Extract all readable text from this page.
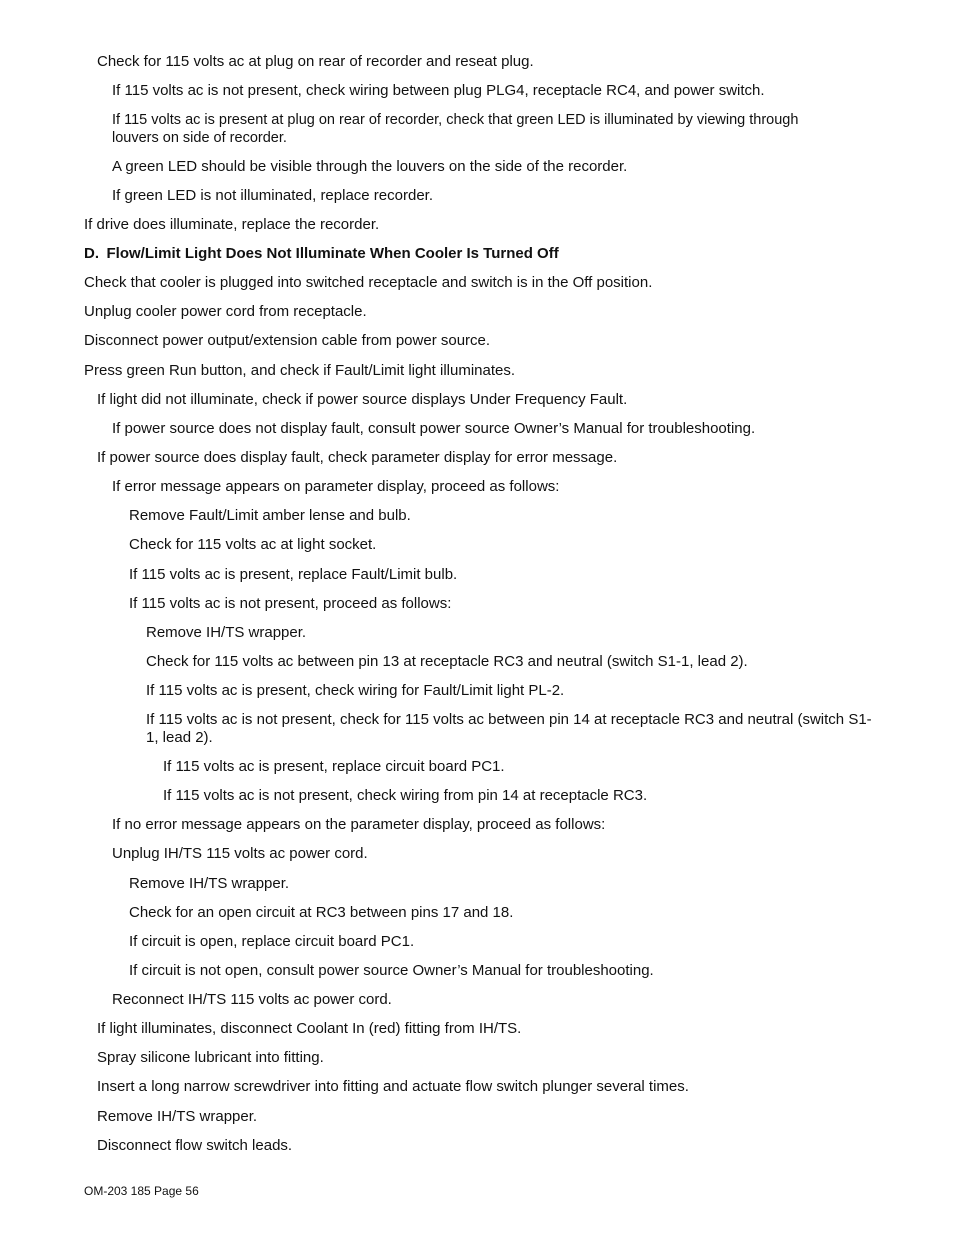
Check for 115 volts ac at plug on rear of recorder and reseat plug.
If 115 volts ac is not present, check wiring between plug PLG4, receptacle RC4, and power switch.
If 115 volts ac is present at plug on rear of recorder, check that green LED is illuminated by viewing through louvers on side of recorder.
A green LED should be visible through the louvers on the side of the recorder.
If green LED is not illuminated, replace recorder.
If drive does illuminate, replace the recorder.
D. Flow/Limit Light Does Not Illuminate When Cooler Is Turned Off
Check that cooler is plugged into switched receptacle and switch is in the Off position.
Unplug cooler power cord from receptacle.
Disconnect power output/extension cable from power source.
Press green Run button, and check if Fault/Limit light illuminates.
If light did not illuminate, check if power source displays Under Frequency Fault.
If power source does not display fault, consult power source Owner’s Manual for troubleshooting.
If power source does display fault, check parameter display for error message.
If error message appears on parameter display, proceed as follows:
Remove Fault/Limit amber lense and bulb.
Check for 115 volts ac at light socket.
If 115 volts ac is present, replace Fault/Limit bulb.
If 115 volts ac is not present, proceed as follows:
Remove IH/TS wrapper.
Check for 115 volts ac between pin 13 at receptacle RC3 and neutral (switch S1-1, lead 2).
If 115 volts ac is present, check wiring for Fault/Limit light PL-2.
If 115 volts ac is not present, check for 115 volts ac between pin 14 at receptacle RC3 and neutral (switch S1-1, lead 2).
If 115 volts ac is present, replace circuit board PC1.
If 115 volts ac is not present, check wiring from pin 14 at receptacle RC3.
If no error message appears on the parameter display, proceed as follows:
Unplug IH/TS 115 volts ac power cord.
Remove IH/TS wrapper.
Check for an open circuit at RC3 between pins 17 and 18.
If circuit is open, replace circuit board PC1.
If circuit is not open, consult power source Owner’s Manual for troubleshooting.
Reconnect IH/TS 115 volts ac power cord.
If light illuminates, disconnect Coolant In (red) fitting from IH/TS.
Spray silicone lubricant into fitting.
Insert a long narrow screwdriver into fitting and actuate flow switch plunger several times.
Remove IH/TS wrapper.
Disconnect flow switch leads.
OM-203 185 Page 56
